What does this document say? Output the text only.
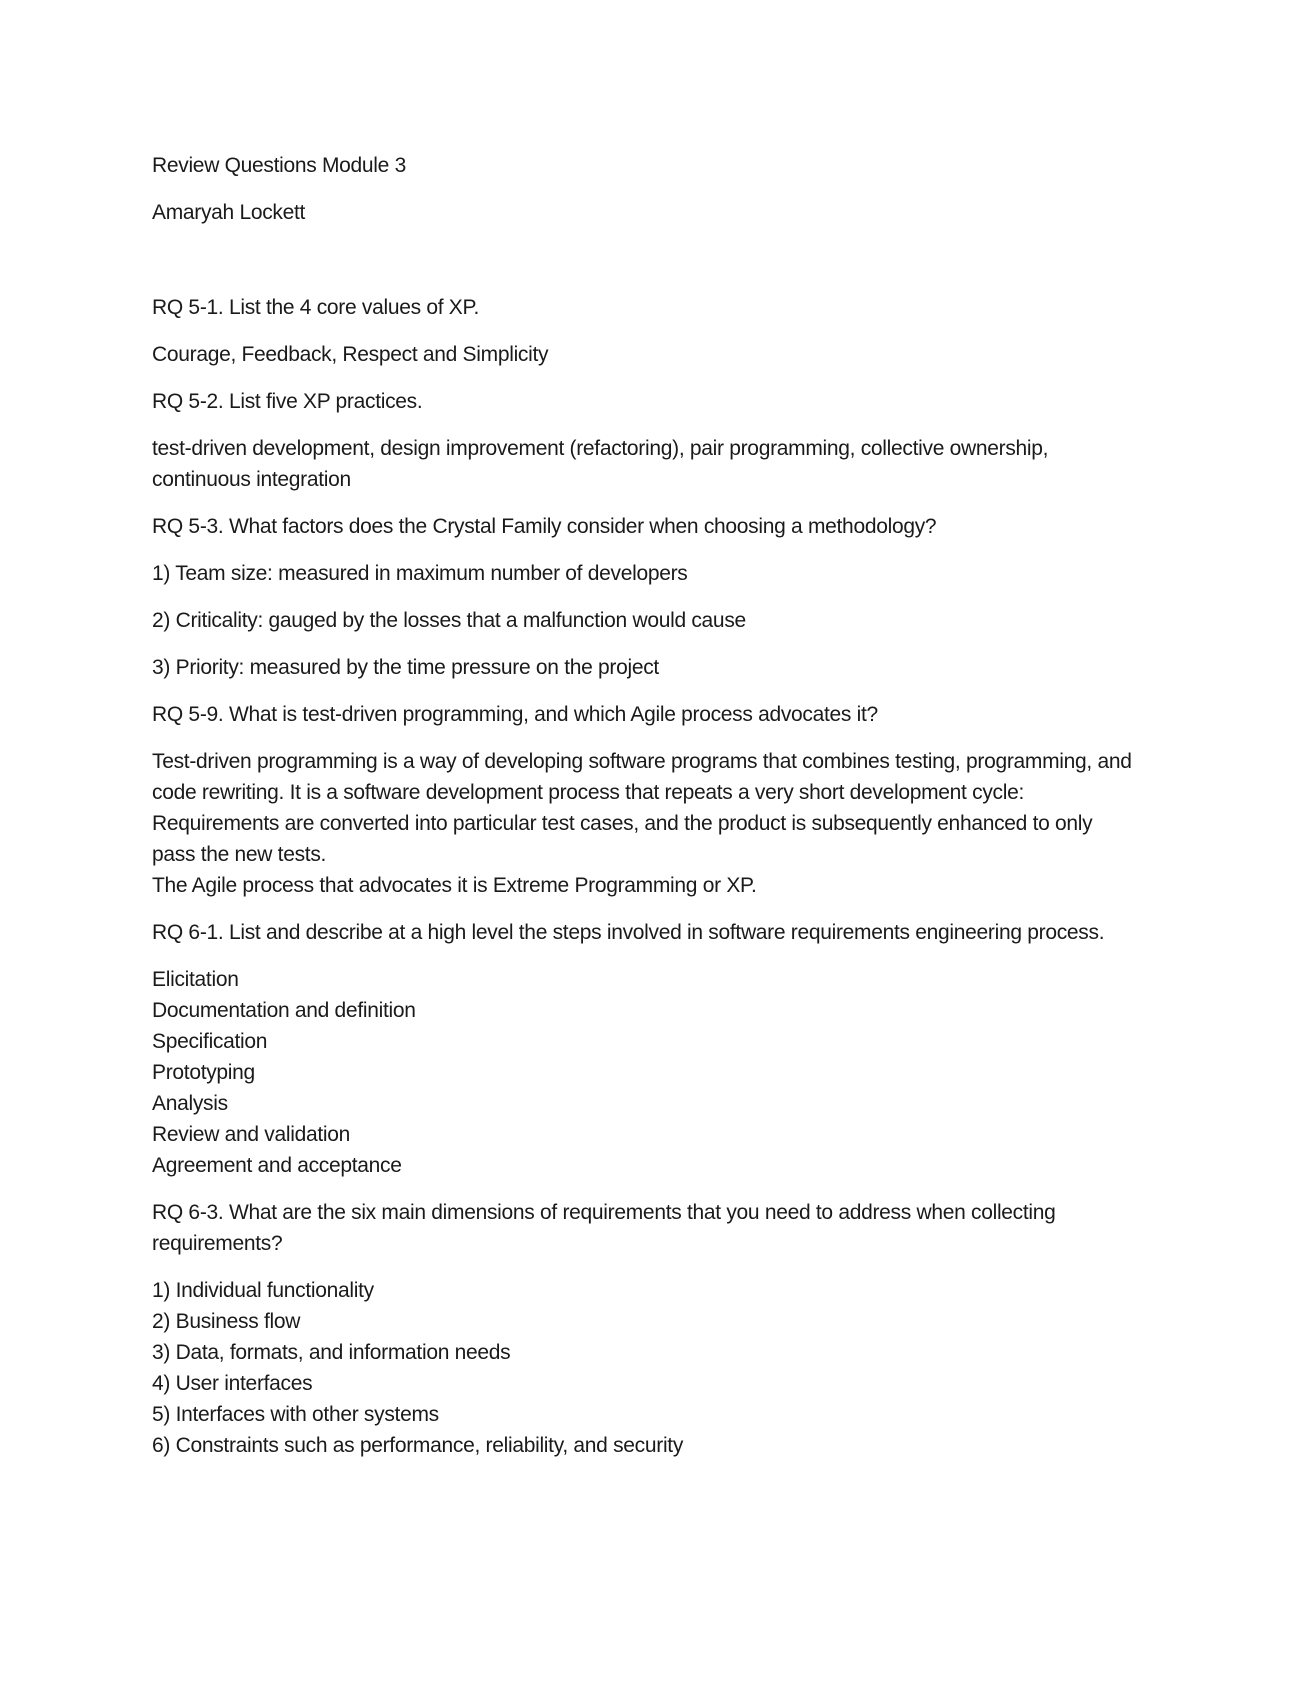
Review Questions Module 3

Amaryah Lockett

RQ 5-1. List the 4 core values of XP.

Courage, Feedback, Respect and Simplicity

RQ 5-2. List five XP practices.

test-driven development, design improvement (refactoring), pair programming, collective ownership, continuous integration

RQ 5-3. What factors does the Crystal Family consider when choosing a methodology?

1) Team size: measured in maximum number of developers

2) Criticality: gauged by the losses that a malfunction would cause

3) Priority: measured by the time pressure on the project

RQ 5-9. What is test-driven programming, and which Agile process advocates it?

Test-driven programming is a way of developing software programs that combines testing, programming, and code rewriting. It is a software development process that repeats a very short development cycle: Requirements are converted into particular test cases, and the product is subsequently enhanced to only pass the new tests.
The Agile process that advocates it is Extreme Programming or XP.

RQ 6-1. List and describe at a high level the steps involved in software requirements engineering process.

Elicitation
Documentation and definition
Specification
Prototyping
Analysis
Review and validation
Agreement and acceptance

RQ 6-3. What are the six main dimensions of requirements that you need to address when collecting requirements?

1) Individual functionality
2) Business flow
3) Data, formats, and information needs
4) User interfaces
5) Interfaces with other systems
6) Constraints such as performance, reliability, and security
